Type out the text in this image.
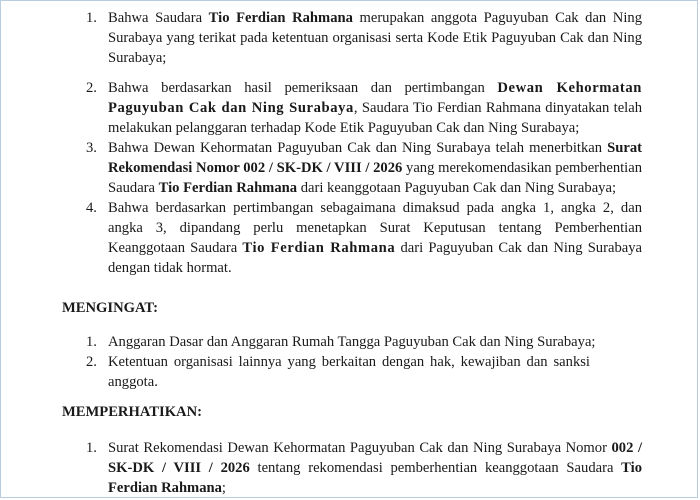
1. Bahwa Saudara Tio Ferdian Rahmana merupakan anggota Paguyuban Cak dan Ning Surabaya yang terikat pada ketentuan organisasi serta Kode Etik Paguyuban Cak dan Ning Surabaya;
2. Bahwa berdasarkan hasil pemeriksaan dan pertimbangan Dewan Kehormatan Paguyuban Cak dan Ning Surabaya, Saudara Tio Ferdian Rahmana dinyatakan telah melakukan pelanggaran terhadap Kode Etik Paguyuban Cak dan Ning Surabaya;
3. Bahwa Dewan Kehormatan Paguyuban Cak dan Ning Surabaya telah menerbitkan Surat Rekomendasi Nomor 002 / SK-DK / VIII / 2026 yang merekomendasikan pemberhentian Saudara Tio Ferdian Rahmana dari keanggotaan Paguyuban Cak dan Ning Surabaya;
4. Bahwa berdasarkan pertimbangan sebagaimana dimaksud pada angka 1, angka 2, dan angka 3, dipandang perlu menetapkan Surat Keputusan tentang Pemberhentian Keanggotaan Saudara Tio Ferdian Rahmana dari Paguyuban Cak dan Ning Surabaya dengan tidak hormat.
MENGINGAT:
1. Anggaran Dasar dan Anggaran Rumah Tangga Paguyuban Cak dan Ning Surabaya;
2. Ketentuan organisasi lainnya yang berkaitan dengan hak, kewajiban dan sanksi anggota.
MEMPERHATIKAN:
1. Surat Rekomendasi Dewan Kehormatan Paguyuban Cak dan Ning Surabaya Nomor 002 / SK-DK / VIII / 2026 tentang rekomendasi pemberhentian keanggotaan Saudara Tio Ferdian Rahmana;
